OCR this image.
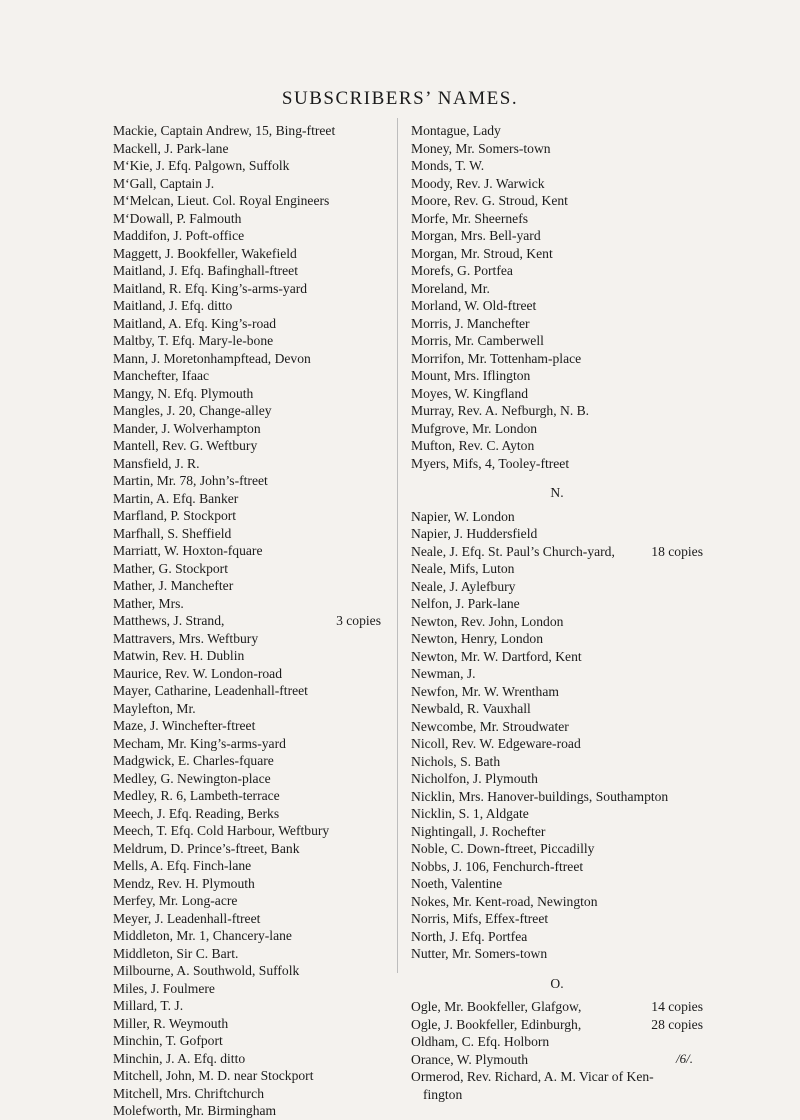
SUBSCRIBERS’ NAMES.
Mackie, Captain Andrew, 15, Bing-ftreet
Mackell, J. Park-lane
M‘Kie, J. Efq. Palgown, Suffolk
M‘Gall, Captain J.
M‘Melcan, Lieut. Col. Royal Engineers
M‘Dowall, P. Falmouth
Maddifon, J. Poft-office
Maggett, J. Bookfeller, Wakefield
Maitland, J. Efq. Bafinghall-ftreet
Maitland, R. Efq. King’s-arms-yard
Maitland, J. Efq. ditto
Maitland, A. Efq. King’s-road
Maltby, T. Efq. Mary-le-bone
Mann, J. Moretonhampftead, Devon
Manchefter, Ifaac
Mangy, N. Efq. Plymouth
Mangles, J. 20, Change-alley
Mander, J. Wolverhampton
Mantell, Rev. G. Weftbury
Mansfield, J. R.
Martin, Mr. 78, John’s-ftreet
Martin, A. Efq. Banker
Marfland, P. Stockport
Marfhall, S. Sheffield
Marriatt, W. Hoxton-fquare
Mather, G. Stockport
Mather, J. Manchefter
Mather, Mrs.
Matthews, J. Strand,	3 copies
Mattravers, Mrs. Weftbury
Matwin, Rev. H. Dublin
Maurice, Rev. W. London-road
Mayer, Catharine, Leadenhall-ftreet
Maylefton, Mr.
Maze, J. Winchefter-ftreet
Mecham, Mr. King’s-arms-yard
Madgwick, E. Charles-fquare
Medley, G. Newington-place
Medley, R. 6, Lambeth-terrace
Meech, J. Efq. Reading, Berks
Meech, T. Efq. Cold Harbour, Weftbury
Meldrum, D. Prince’s-ftreet, Bank
Mells, A. Efq. Finch-lane
Mendz, Rev. H. Plymouth
Merfey, Mr. Long-acre
Meyer, J. Leadenhall-ftreet
Middleton, Mr. 1, Chancery-lane
Middleton, Sir C. Bart.
Milbourne, A. Southwold, Suffolk
Miles, J. Foulmere
Millard, T. J.
Miller, R. Weymouth
Minchin, T. Gofport
Minchin, J. A. Efq. ditto
Mitchell, John, M. D. near Stockport
Mitchell, Mrs. Chriftchurch
Molefworth, Mr. Birmingham
Montague, Lady
Money, Mr. Somers-town
Monds, T. W.
Moody, Rev. J. Warwick
Moore, Rev. G. Stroud, Kent
Morfe, Mr. Sheernefs
Morgan, Mrs. Bell-yard
Morgan, Mr. Stroud, Kent
Morefs, G. Portfea
Moreland, Mr.
Morland, W. Old-ftreet
Morris, J. Manchefter
Morris, Mr. Camberwell
Morrifon, Mr. Tottenham-place
Mount, Mrs. Iflington
Moyes, W. Kingfland
Murray, Rev. A. Nefburgh, N. B.
Mufgrove, Mr. London
Mufton, Rev. C. Ayton
Myers, Mifs, 4, Tooley-ftreet
N.
Napier, W. London
Napier, J. Huddersfield
Neale, J. Efq. St. Paul’s Church-yard,	18 copies
Neale, Mifs, Luton
Neale, J. Aylefbury
Nelfon, J. Park-lane
Newton, Rev. John, London
Newton, Henry, London
Newton, Mr. W. Dartford, Kent
Newman, J.
Newfon, Mr. W. Wrentham
Newbald, R. Vauxhall
Newcombe, Mr. Stroudwater
Nicoll, Rev. W. Edgeware-road
Nichols, S. Bath
Nicholfon, J. Plymouth
Nicklin, Mrs. Hanover-buildings, Southampton
Nicklin, S. 1, Aldgate
Nightingall, J. Rochefter
Noble, C. Down-ftreet, Piccadilly
Nobbs, J. 106, Fenchurch-ftreet
Noeth, Valentine
Nokes, Mr. Kent-road, Newington
Norris, Mifs, Effex-ftreet
North, J. Efq. Portfea
Nutter, Mr. Somers-town
O.
Ogle, Mr. Bookfeller, Glafgow,	14 copies
Ogle, J. Bookfeller, Edinburgh,	28 copies
Oldham, C. Efq. Holborn
Orance, W. Plymouth
Ormerod, Rev. Richard, A. M. Vicar of Ken-
fington
/6/.
